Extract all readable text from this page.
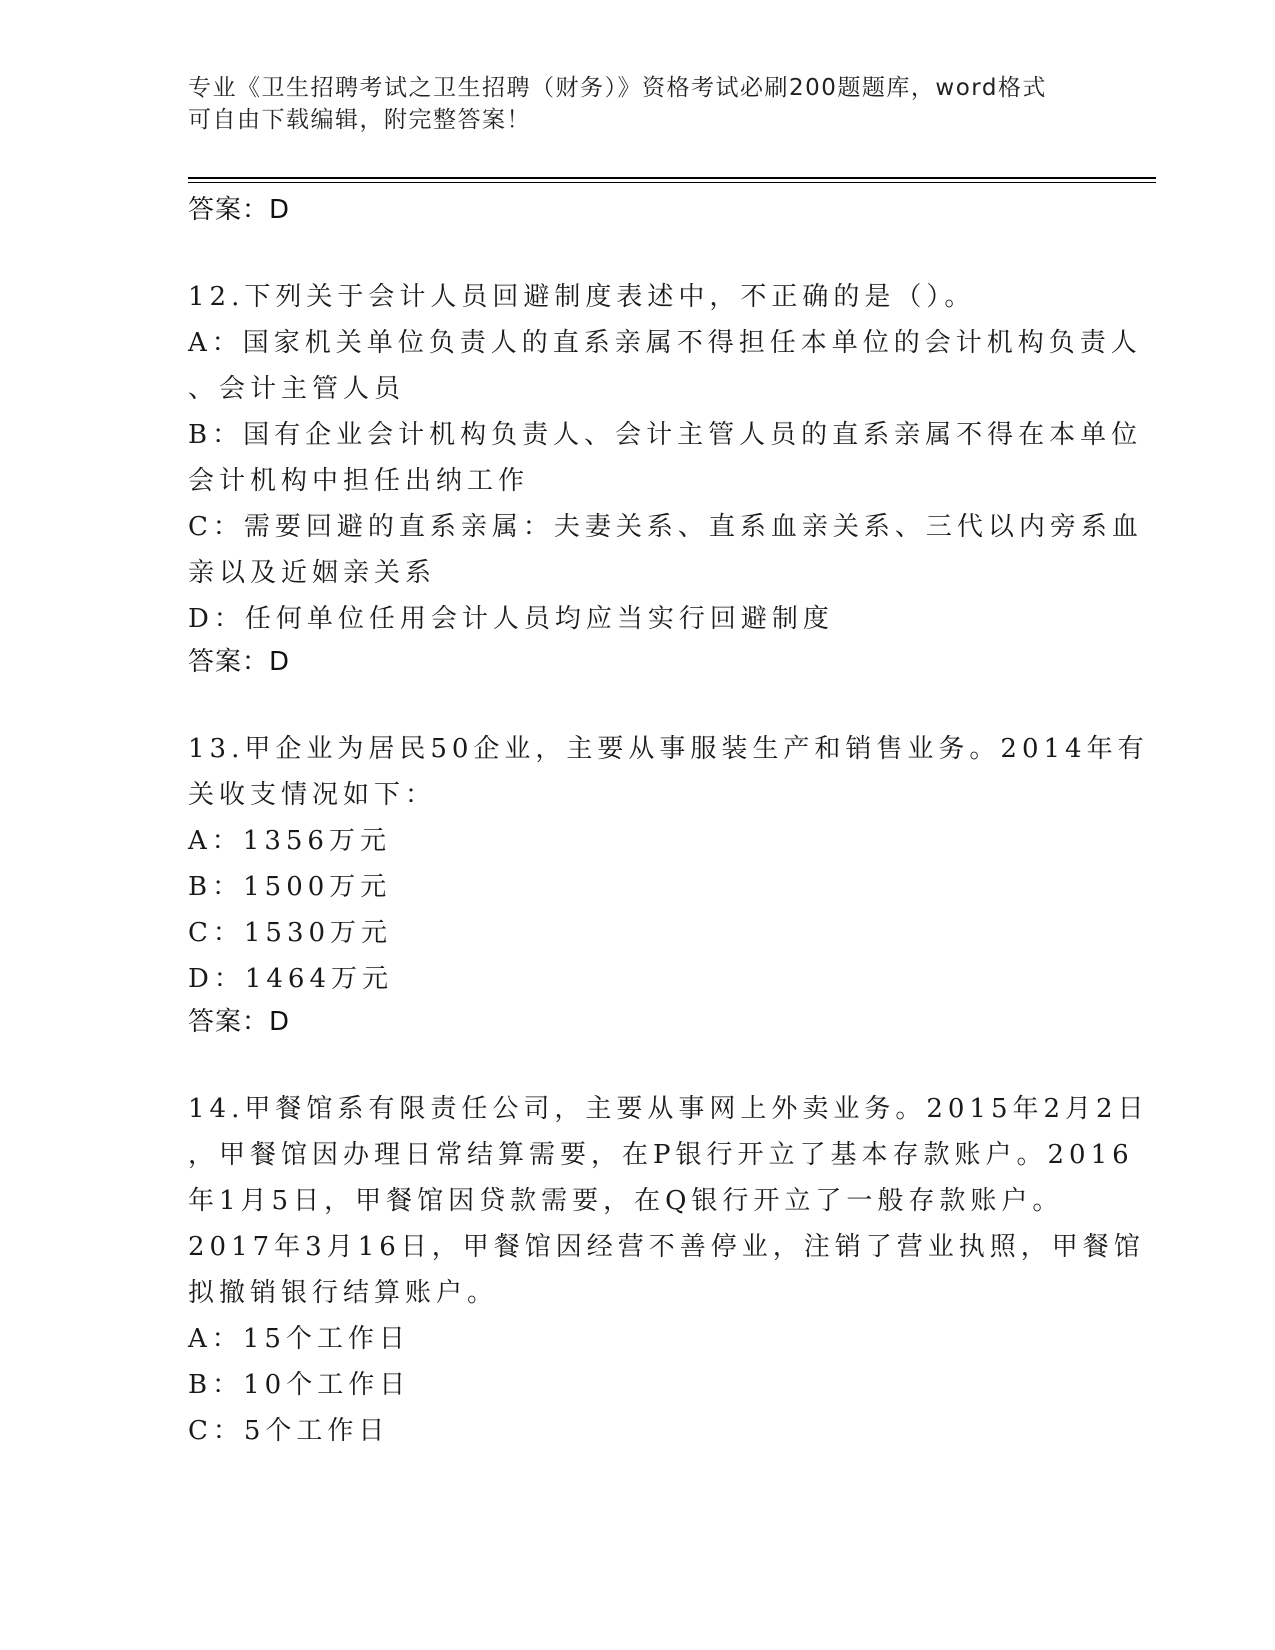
专业《卫生招聘考试之卫生招聘（财务）》资格考试必刷200题题库，word格式
可自由下载编辑，附完整答案！

答案：D

12.下列关于会计人员回避制度表述中，不正确的是（）。

A：国家机关单位负责人的直系亲属不得担任本单位的会计机构负责人

、会计主管人员

B：国有企业会计机构负责人、会计主管人员的直系亲属不得在本单位

会计机构中担任出纳工作

C：需要回避的直系亲属：夫妻关系、直系血亲关系、三代以内旁系血

亲以及近姻亲关系

D：任何单位任用会计人员均应当实行回避制度

答案：D

13.甲企业为居民50企业，主要从事服装生产和销售业务。2014年有

关收支情况如下：

A：1356万元

B：1500万元

C：1530万元

D：1464万元

答案：D

14.甲餐馆系有限责任公司，主要从事网上外卖业务。2015年2月2日

，甲餐馆因办理日常结算需要，在P银行开立了基本存款账户。2016

年1月5日，甲餐馆因贷款需要，在Q银行开立了一般存款账户。

2017年3月16日，甲餐馆因经营不善停业，注销了营业执照，甲餐馆

拟撤销银行结算账户。

A：15个工作日

B：10个工作日

C：5个工作日
